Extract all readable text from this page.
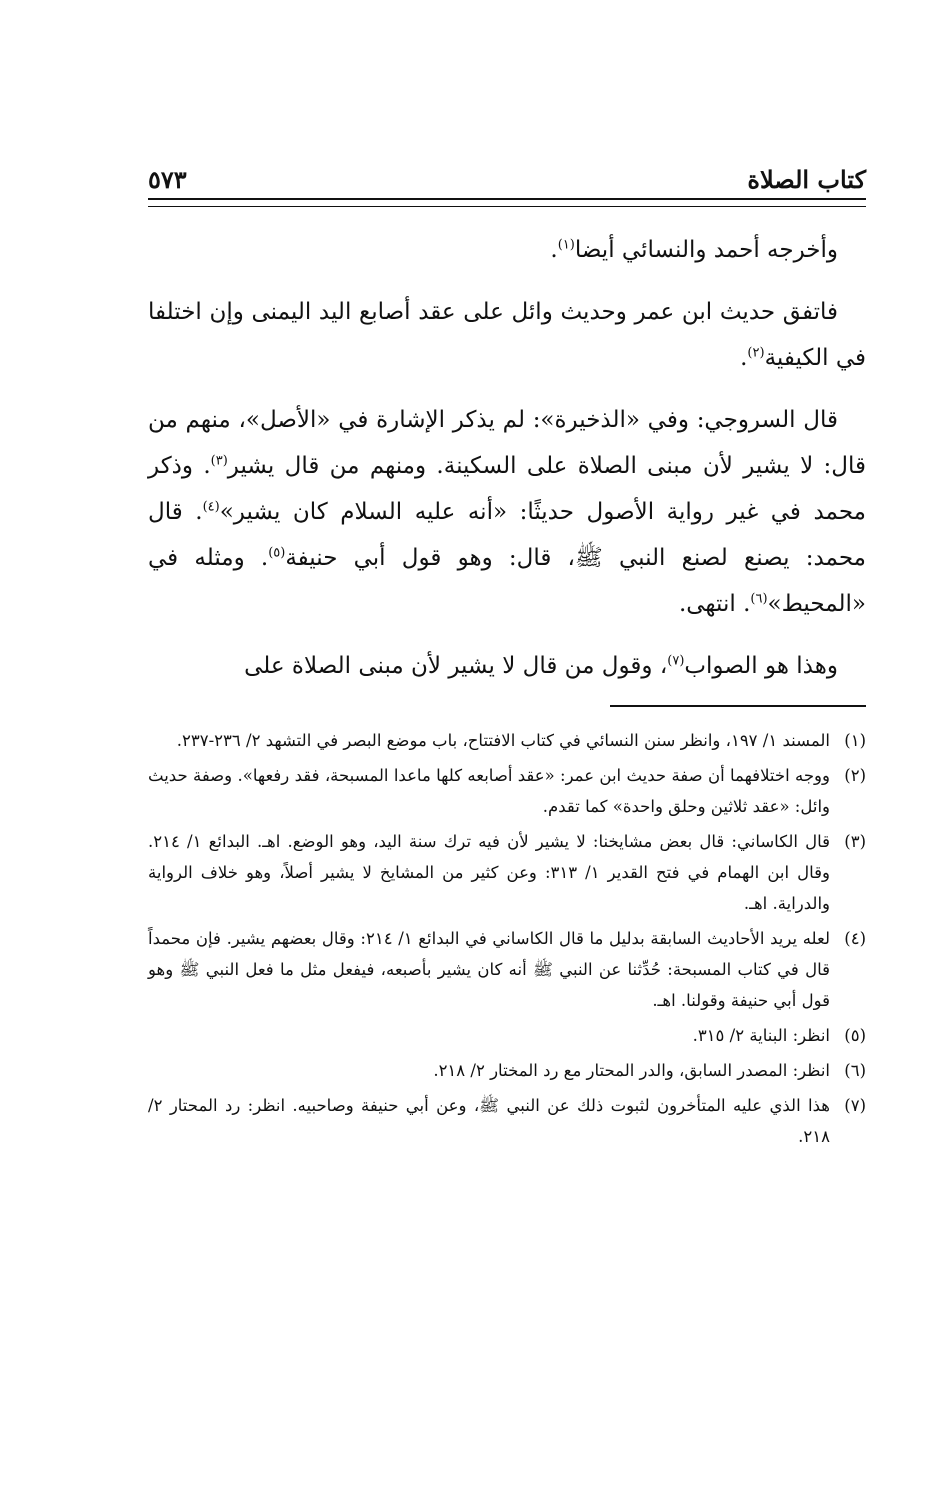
كتاب الصلاة
٥٧٣

وأخرجه أحمد والنسائي أيضا$^{(١)}$.

فاتفق حديث ابن عمر وحديث وائل على عقد أصابع اليد اليمنى وإن اختلفا في الكيفية$^{(٢)}$.

قال السروجي: وفي «الذخيرة»: لم يذكر الإشارة في «الأصل»، منهم من قال: لا يشير لأن مبنى الصلاة على السكينة. ومنهم من قال يشير$^{(٣)}$. وذكر محمد في غير رواية الأصول حديثًا: «أنه عليه السلام كان يشير»$^{(٤)}$. قال محمد: يصنع لصنع النبي ﷺ، قال: وهو قول أبي حنيفة$^{(٥)}$. ومثله في «المحيط»$^{(٦)}$. انتهى.

وهذا هو الصواب$^{(٧)}$، وقول من قال لا يشير لأن مبنى الصلاة على

(١)
المسند ١/ ١٩٧، وانظر سنن النسائي في كتاب الافتتاح، باب موضع البصر في التشهد ٢/ ٢٣٦-٢٣٧.
(٢)
ووجه اختلافهما أن صفة حديث ابن عمر: «عقد أصابعه كلها ماعدا المسبحة، فقد رفعها». وصفة حديث وائل: «عقد ثلاثين وحلق واحدة» كما تقدم.
(٣)
قال الكاساني: قال بعض مشايخنا: لا يشير لأن فيه ترك سنة اليد، وهو الوضع. اهـ. البدائع ١/ ٢١٤. وقال ابن الهمام في فتح القدير ١/ ٣١٣: وعن كثير من المشايخ لا يشير أصلاً، وهو خلاف الرواية والدراية. اهـ.
(٤)
لعله يريد الأحاديث السابقة بدليل ما قال الكاساني في البدائع ١/ ٢١٤: وقال بعضهم يشير. فإن محمداً قال في كتاب المسبحة: حُدِّثنا عن النبي ﷺ أنه كان يشير بأصبعه، فيفعل مثل ما فعل النبي ﷺ وهو قول أبي حنيفة وقولنا. اهـ.
(٥)
انظر: البناية ٢/ ٣١٥.
(٦)
انظر: المصدر السابق، والدر المحتار مع رد المختار ٢/ ٢١٨.
(٧)
هذا الذي عليه المتأخرون لثبوت ذلك عن النبي ﷺ، وعن أبي حنيفة وصاحبيه. انظر: رد المحتار ٢/ ٢١٨.
